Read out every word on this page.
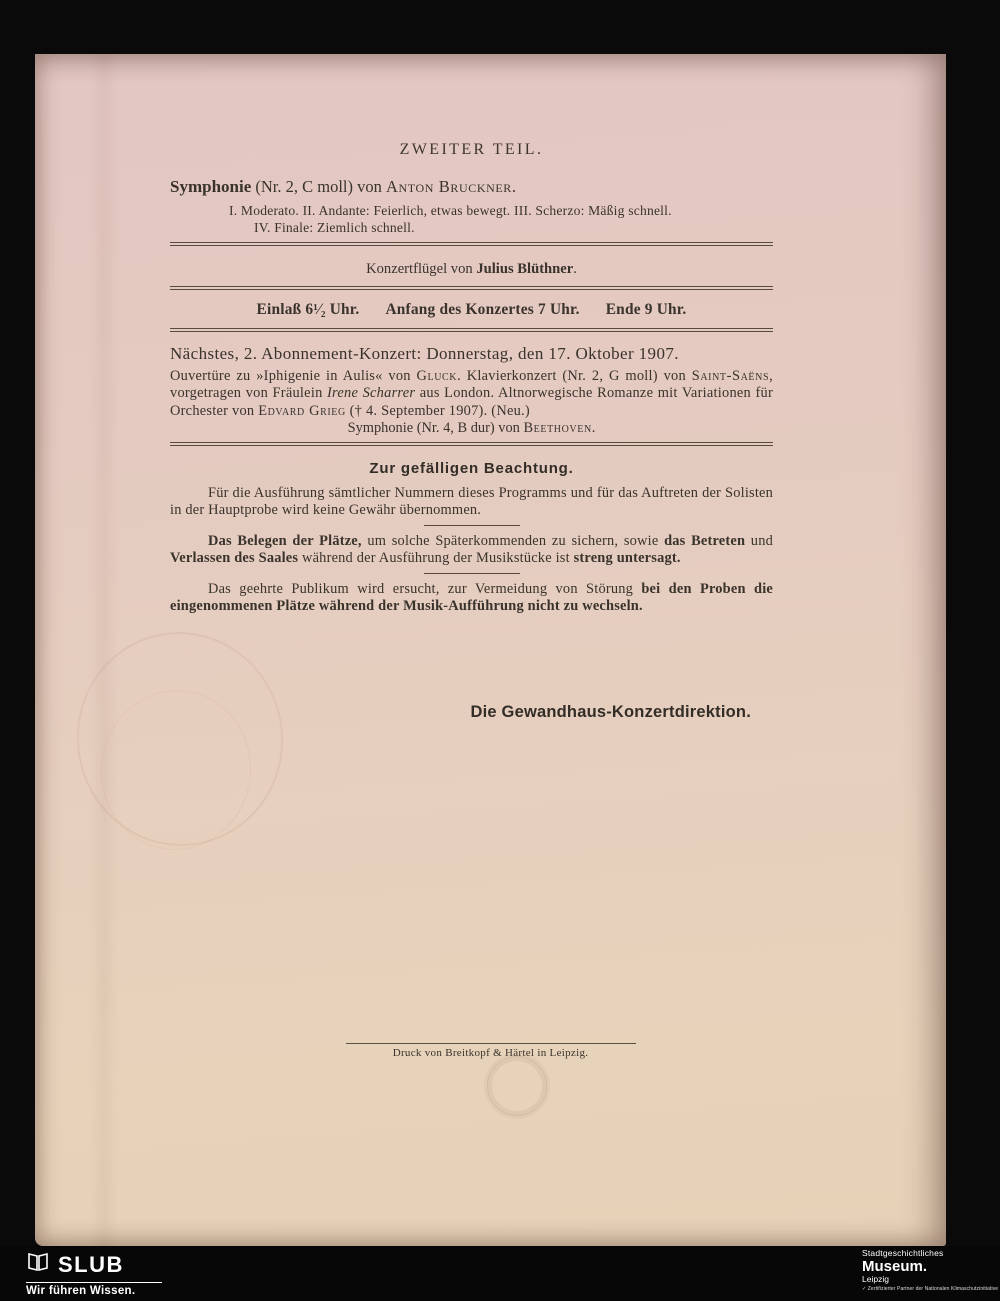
ZWEITER TEIL.
Symphonie (Nr. 2, C moll) von Anton Bruckner.
I. Moderato. II. Andante: Feierlich, etwas bewegt. III. Scherzo: Mäßig schnell.
IV. Finale: Ziemlich schnell.
Konzertflügel von Julius Blüthner.
Einlaß 6¹⁄₂ Uhr. Anfang des Konzertes 7 Uhr. Ende 9 Uhr.
Nächstes, 2. Abonnement-Konzert: Donnerstag, den 17. Oktober 1907.

Ouvertüre zu »Iphigenie in Aulis« von Gluck. Klavierkonzert (Nr. 2, G moll) von Saint-Saëns, vorgetragen von Fräulein Irene Scharrer aus London. Altnorwegische Romanze mit Variationen für Orchester von Edvard Grieg († 4. September 1907). (Neu.)

Symphonie (Nr. 4, B dur) von Beethoven.
Zur gefälligen Beachtung.

Für die Ausführung sämtlicher Nummern dieses Programms und für das Auftreten der Solisten in der Hauptprobe wird keine Gewähr übernommen.

Das Belegen der Plätze, um solche Späterkommenden zu sichern, sowie das Betreten und Verlassen des Saales während der Ausführung der Musikstücke ist streng untersagt.

Das geehrte Publikum wird ersucht, zur Vermeidung von Störung bei den Proben die eingenommenen Plätze während der Musik-Aufführung nicht zu wechseln.

Die Gewandhaus-Konzertdirektion.
Druck von Breitkopf & Härtel in Leipzig.
SLUB
Wir führen Wissen.
Stadtgeschichtliches
Museum.
Leipzig
✓ Zertifizierter Partner der Nationalen Klimaschutzinitiative
